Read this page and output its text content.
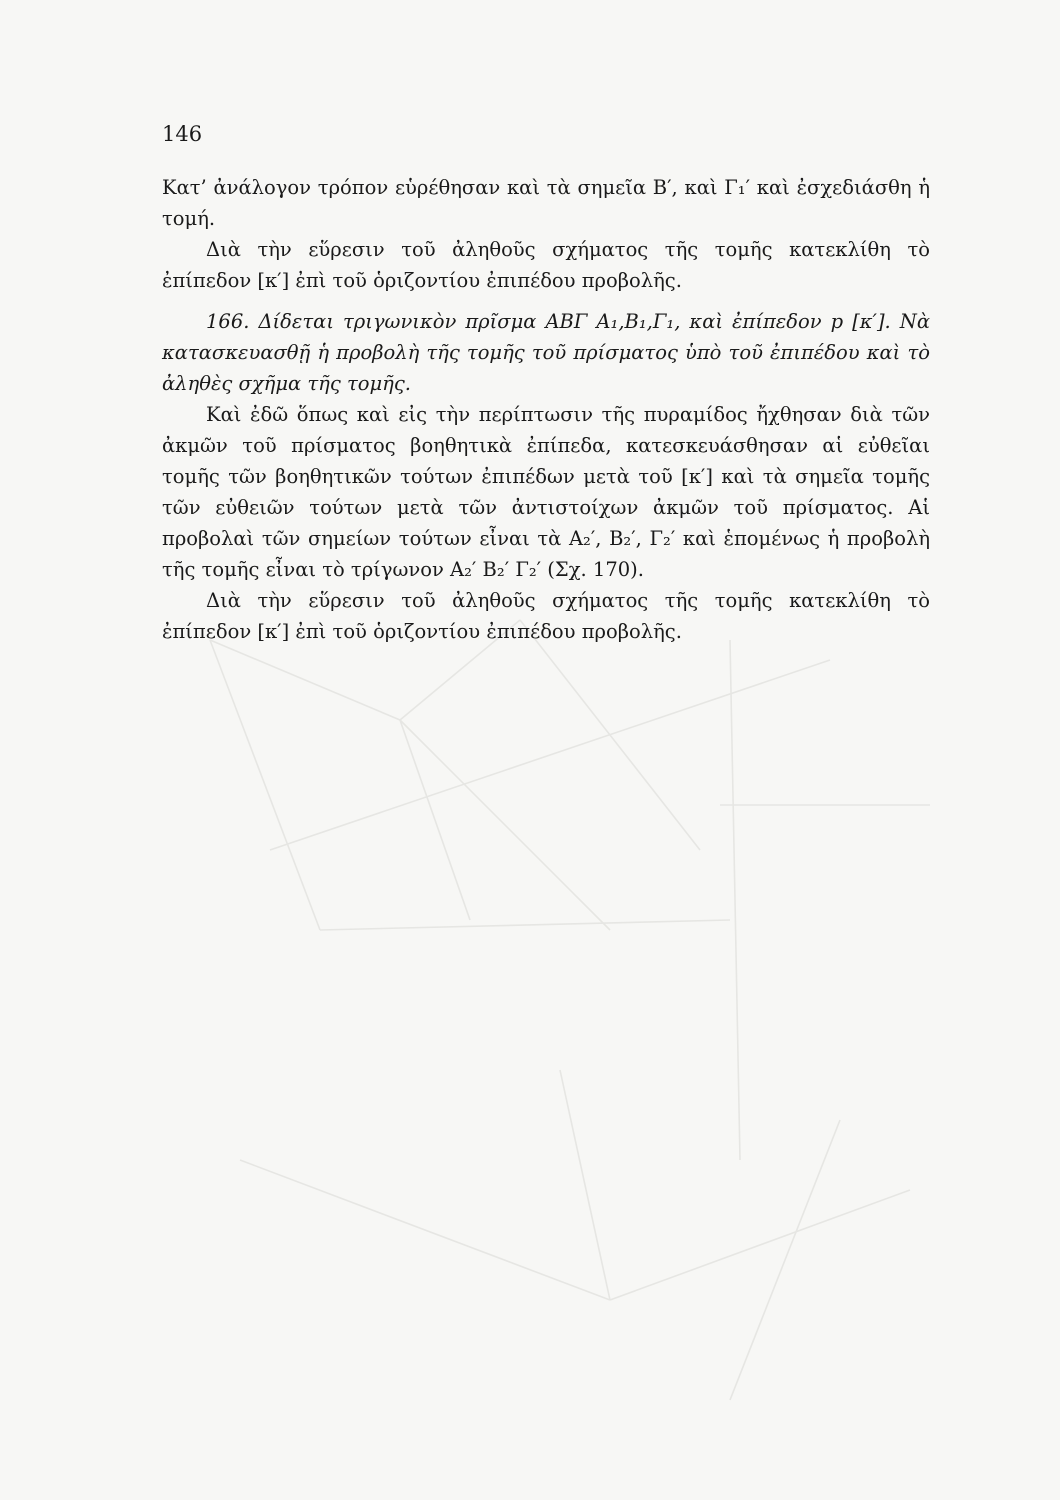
146

Κατ’ ἀνάλογον τρόπον εὑρέθησαν καὶ τὰ σημεῖα Β′, καὶ Γ₁′ καὶ ἐσχεδιάσθη ἡ τομή.

Διὰ τὴν εὕρεσιν τοῦ ἀληθοῦς σχήματος τῆς τομῆς κατεκλίθη τὸ ἐπίπεδον [κ′] ἐπὶ τοῦ ὁριζοντίου ἐπιπέδου προβολῆς.

166. Δίδεται τριγωνικὸν πρῖσμα ΑΒΓ Α₁,Β₁,Γ₁, καὶ ἐπίπεδον p [κ′]. Νὰ κατασκευασθῇ ἡ προβολὴ τῆς τομῆς τοῦ πρίσματος ὑπὸ τοῦ ἐπιπέδου καὶ τὸ ἀληθὲς σχῆμα τῆς τομῆς.

Καὶ ἐδῶ ὅπως καὶ εἰς τὴν περίπτωσιν τῆς πυραμίδος ἤχθησαν διὰ τῶν ἀκμῶν τοῦ πρίσματος βοηθητικὰ ἐπίπεδα, κατεσκευάσθησαν αἱ εὐθεῖαι τομῆς τῶν βοηθητικῶν τούτων ἐπιπέδων μετὰ τοῦ [κ′] καὶ τὰ σημεῖα τομῆς τῶν εὐθειῶν τούτων μετὰ τῶν ἀντιστοίχων ἀκμῶν τοῦ πρίσματος. Αἱ προβολαὶ τῶν σημείων τούτων εἶναι τὰ Α₂′, Β₂′, Γ₂′ καὶ ἑπομένως ἡ προβολὴ τῆς τομῆς εἶναι τὸ τρίγωνον Α₂′ Β₂′ Γ₂′ (Σχ. 170).

Διὰ τὴν εὕρεσιν τοῦ ἀληθοῦς σχήματος τῆς τομῆς κατεκλίθη τὸ ἐπίπεδον [κ′] ἐπὶ τοῦ ὁριζοντίου ἐπιπέδου προβολῆς.
